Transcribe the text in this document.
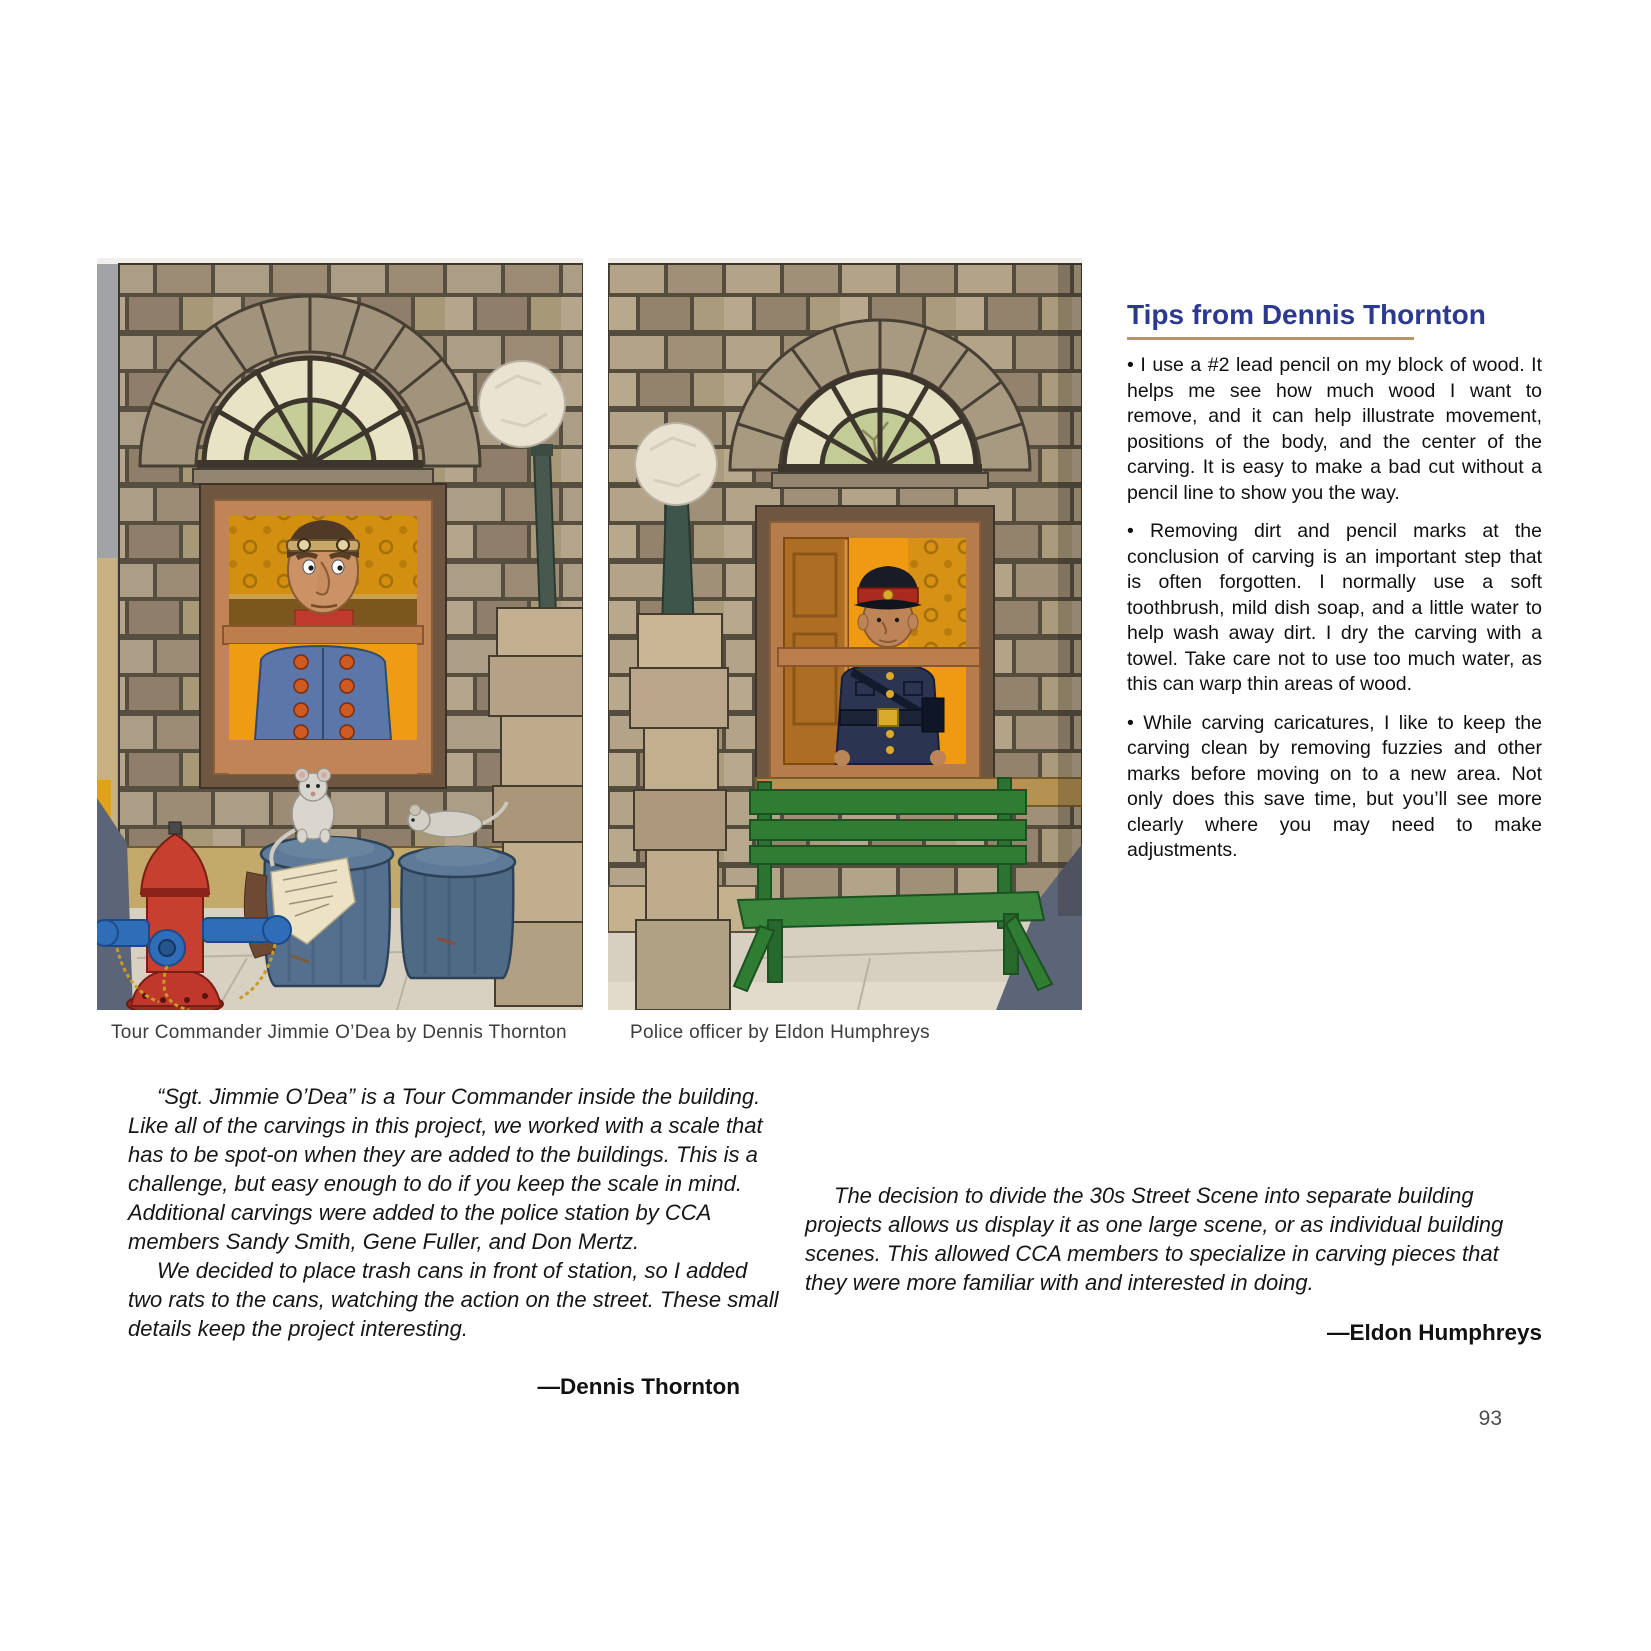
Tour Commander Jimmie O’Dea by Dennis Thornton	Police officer by Eldon Humphreys
Tips from Dennis Thornton

• I use a #2 lead pencil on my block of wood. It helps me see how much wood I want to remove, and it can help illustrate movement, positions of the body, and the center of the carving. It is easy to make a bad cut without a pencil line to show you the way.

• Removing dirt and pencil marks at the conclusion of carving is an important step that is often forgotten. I normally use a soft toothbrush, mild dish soap, and a little water to help wash away dirt. I dry the carving with a towel. Take care not to use too much water, as this can warp thin areas of wood.

• While carving caricatures, I like to keep the carving clean by removing fuzzies and other marks before moving on to a new area. Not only does this save time, but you’ll see more clearly where you may need to make adjustments.

“Sgt. Jimmie O’Dea” is a Tour Commander inside the building. Like all of the carvings in this project, we worked with a scale that has to be spot-on when they are added to the buildings. This is a challenge, but easy enough to do if you keep the scale in mind. Additional carvings were added to the police station by CCA members Sandy Smith, Gene Fuller, and Don Mertz.

We decided to place trash cans in front of station, so I added two rats to the cans, watching the action on the street. These small details keep the project interesting.

—Dennis Thornton

The decision to divide the 30s Street Scene into separate building projects allows us display it as one large scene, or as individual building scenes. This allowed CCA members to specialize in carving pieces that they were more familiar with and interested in doing.

—Eldon Humphreys
93
